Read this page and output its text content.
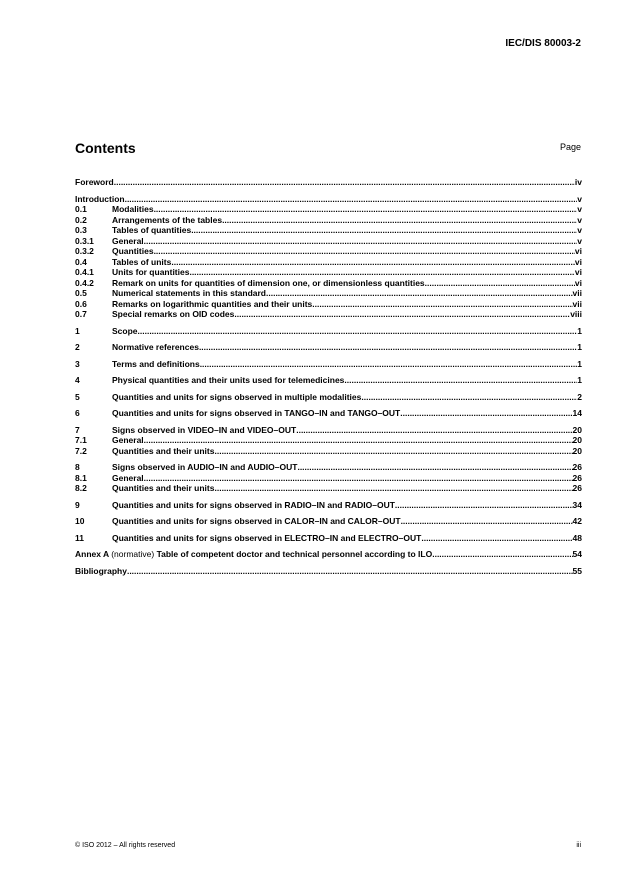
IEC/DIS 80003-2
Contents	Page
Foreword .....	iv
Introduction .....	v
0.1	Modalities .....	v
0.2	Arrangements of the tables .....	v
0.3	Tables of quantities .....	v
0.3.1	General .....	v
0.3.2	Quantities .....	vi
0.4	Tables of units .....	vi
0.4.1	Units for quantities .....	vi
0.4.2	Remark on units for quantities of dimension one, or dimensionless quantities .....	vi
0.5	Numerical statements in this standard .....	vii
0.6	Remarks on logarithmic quantities and their units .....	vii
0.7	Special remarks on OID codes .....	viii
1	Scope .....	1
2	Normative references .....	1
3	Terms and definitions .....	1
4	Physical quantities and their units used for telemedicines .....	1
5	Quantities and units for signs observed in multiple modalities .....	2
6	Quantities and units for signs observed in TANGO–IN and TANGO–OUT .....	14
7	Signs observed in VIDEO–IN and VIDEO–OUT .....	20
7.1	General .....	20
7.2	Quantities and their units .....	20
8	Signs observed in AUDIO–IN and AUDIO–OUT .....	26
8.1	General .....	26
8.2	Quantities and their units .....	26
9	Quantities and units for signs observed in RADIO–IN and RADIO–OUT .....	34
10	Quantities and units for signs observed in CALOR–IN and CALOR–OUT .....	42
11	Quantities and units for signs observed in ELECTRO–IN and ELECTRO–OUT .....	48
Annex A (normative) Table of competent doctor and technical personnel according to ILO .....	54
Bibliography .....	55
© ISO 2012 – All rights reserved	iii
